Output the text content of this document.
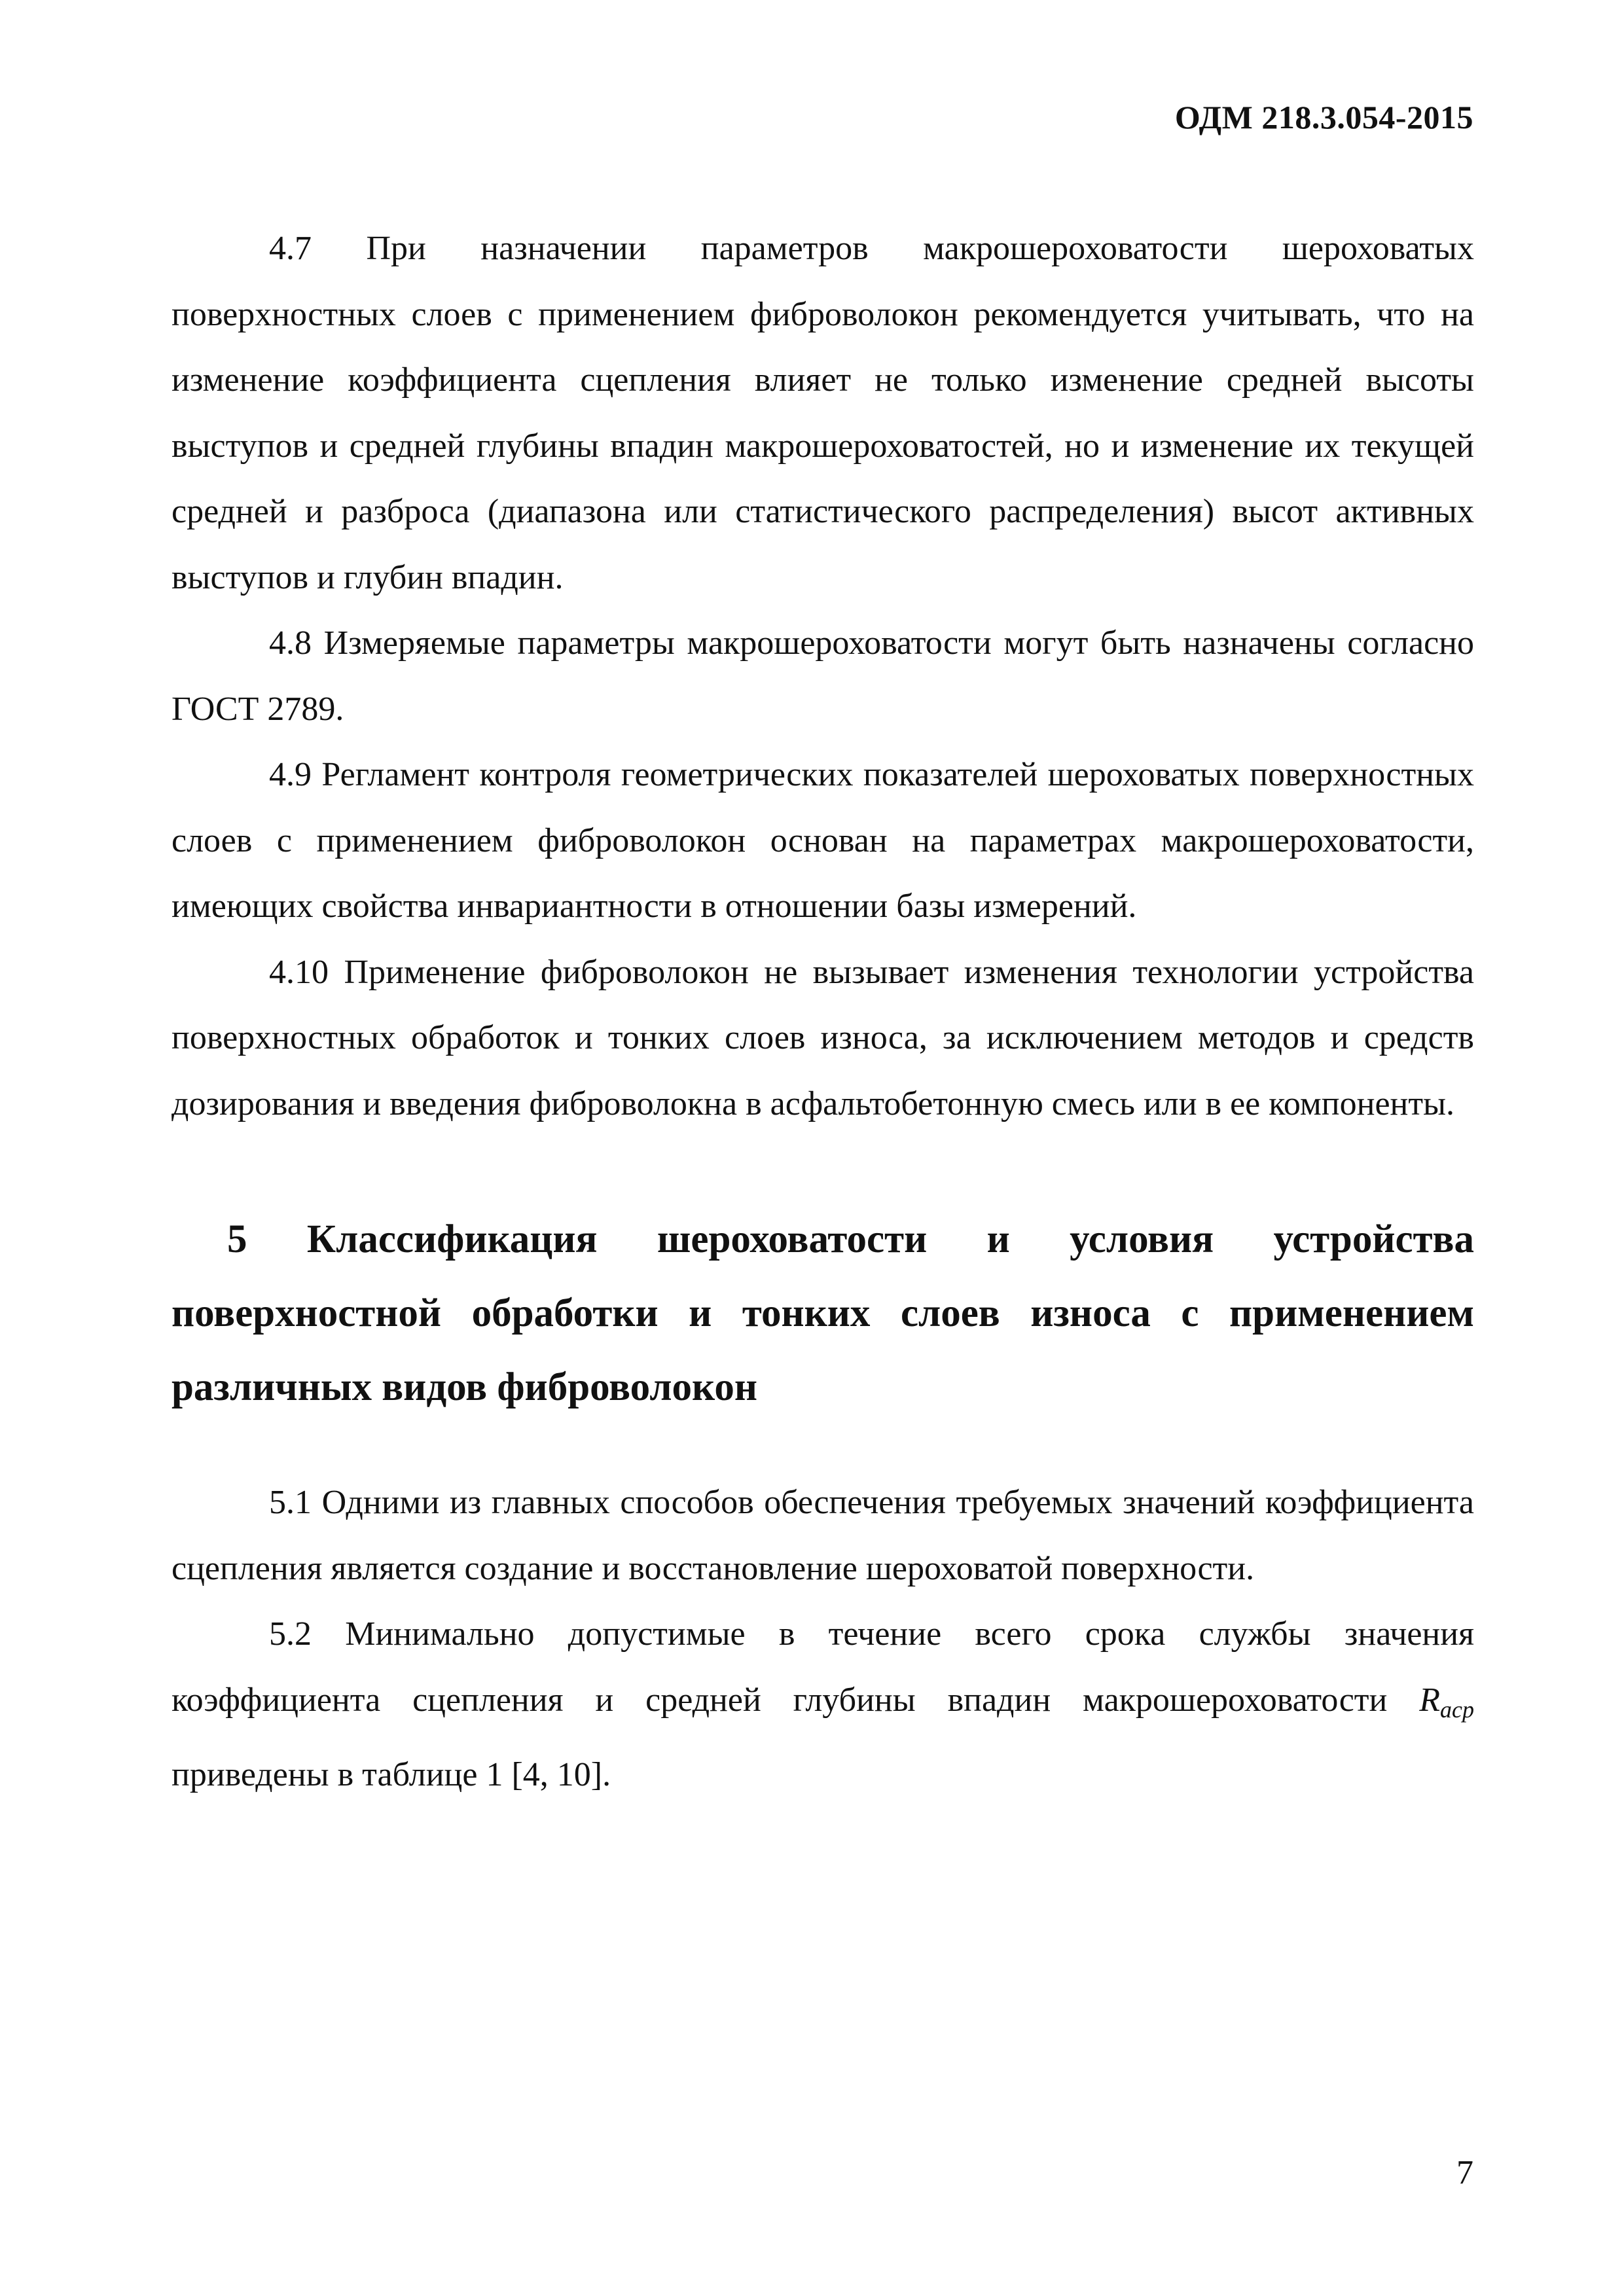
ОДМ 218.3.054-2015

4.7 При назначении параметров макрошероховатости шероховатых поверхностных слоев с применением фиброволокон рекомендуется учитывать, что на изменение коэффициента сцепления влияет не только изменение средней высоты выступов и средней глубины впадин макрошероховатостей, но и изменение их текущей средней и разброса (диапазона или статистического распределения) высот активных выступов и глубин впадин.

4.8 Измеряемые параметры макрошероховатости могут быть назначены согласно ГОСТ 2789.

4.9 Регламент контроля геометрических показателей шероховатых поверхностных слоев с применением фиброволокон основан на параметрах макрошероховатости, имеющих свойства инвариантности в отношении базы измерений.

4.10 Применение фиброволокон не вызывает изменения технологии устройства поверхностных обработок и тонких слоев износа, за исключением методов и средств дозирования и введения фиброволокна в асфальтобетонную смесь или в ее компоненты.

5 Классификация шероховатости и условия устройства поверхностной обработки и тонких слоев износа с применением различных видов фиброволокон

5.1 Одними из главных способов обеспечения требуемых значений коэффициента сцепления является создание и восстановление шероховатой поверхности.

5.2 Минимально допустимые в течение всего срока службы значения коэффициента сцепления и средней глубины впадин макрошероховатости Racp приведены в таблице 1 [4, 10].

7
